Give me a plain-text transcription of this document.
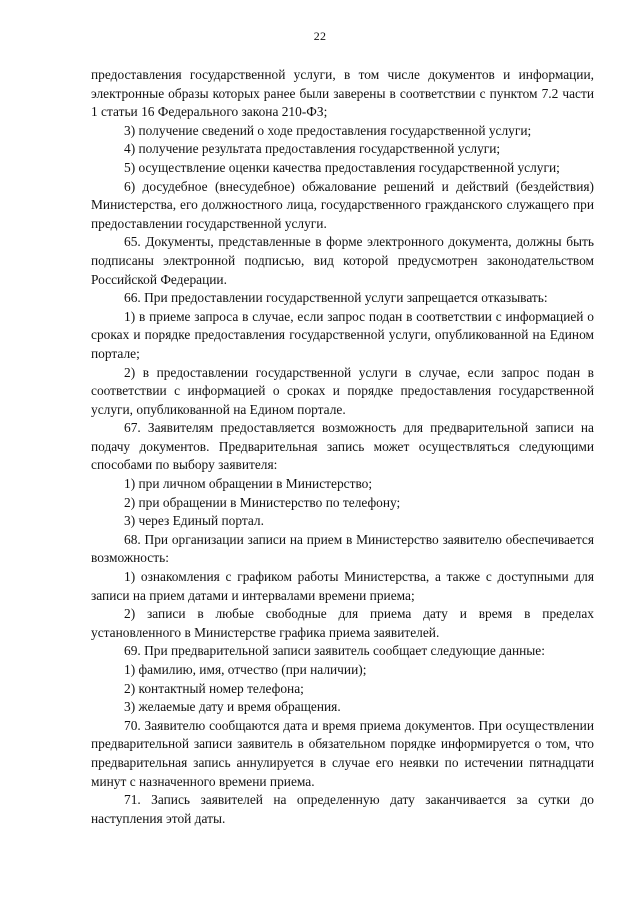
22

предоставления государственной услуги, в том числе документов и информации, электронные образы которых ранее были заверены в соответствии с пунктом 7.2 части 1 статьи 16 Федерального закона 210-ФЗ;

3) получение сведений о ходе предоставления государственной услуги;

4) получение результата предоставления государственной услуги;

5) осуществление оценки качества предоставления государственной услуги;

6) досудебное (внесудебное) обжалование решений и действий (бездействия) Министерства, его должностного лица, государственного гражданского служащего при предоставлении государственной услуги.

65. Документы, представленные в форме электронного документа, должны быть подписаны электронной подписью, вид которой предусмотрен законодательством Российской Федерации.

66. При предоставлении государственной услуги запрещается отказывать:

1) в приеме запроса в случае, если запрос подан в соответствии с информацией о сроках и порядке предоставления государственной услуги, опубликованной на Едином портале;

2) в предоставлении государственной услуги в случае, если запрос подан в соответствии с информацией о сроках и порядке предоставления государственной услуги, опубликованной на Едином портале.

67. Заявителям предоставляется возможность для предварительной записи на подачу документов. Предварительная запись может осуществляться следующими способами по выбору заявителя:

1) при личном обращении в Министерство;

2) при обращении в Министерство по телефону;

3) через Единый портал.

68. При организации записи на прием в Министерство заявителю обеспечивается возможность:

1) ознакомления с графиком работы Министерства, а также с доступными для записи на прием датами и интервалами времени приема;

2) записи в любые свободные для приема дату и время в пределах установленного в Министерстве графика приема заявителей.

69. При предварительной записи заявитель сообщает следующие данные:

1) фамилию, имя, отчество (при наличии);

2) контактный номер телефона;

3) желаемые дату и время обращения.

70. Заявителю сообщаются дата и время приема документов. При осуществлении предварительной записи заявитель в обязательном порядке информируется о том, что предварительная запись аннулируется в случае его неявки по истечении пятнадцати минут с назначенного времени приема.

71. Запись заявителей на определенную дату заканчивается за сутки до наступления этой даты.
